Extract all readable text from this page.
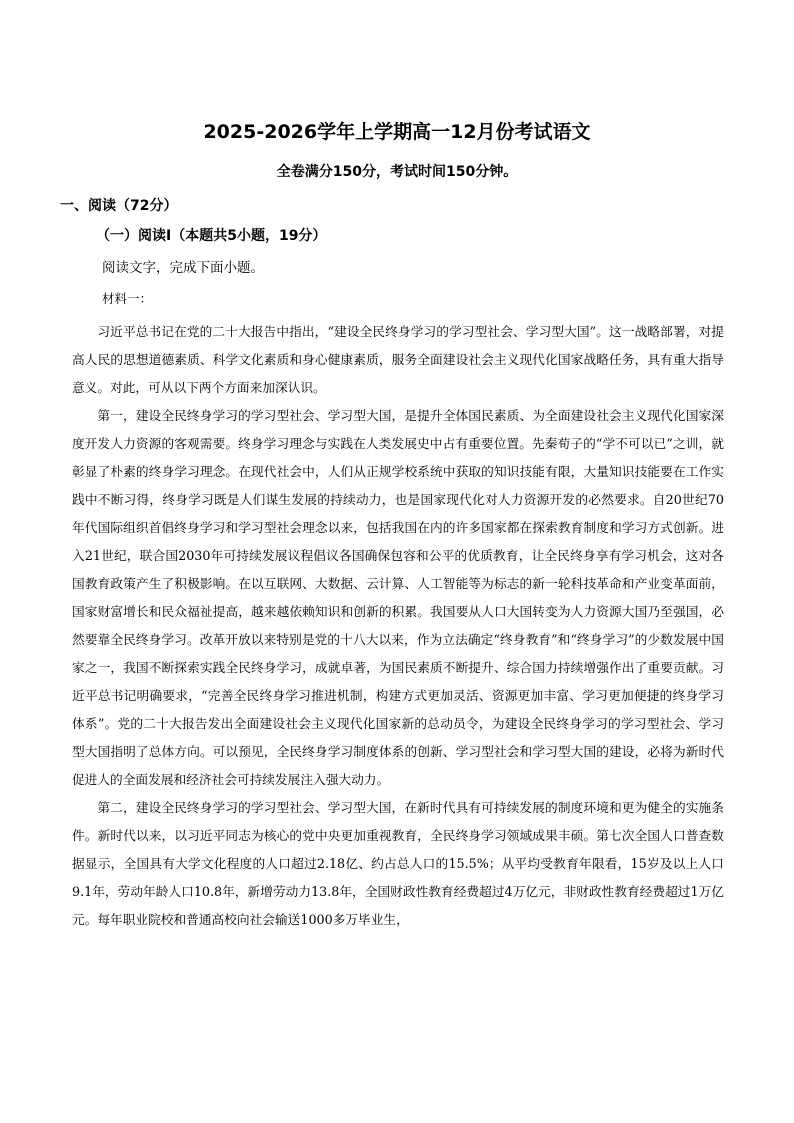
2025-2026学年上学期高一12月份考试语文
全卷满分150分，考试时间150分钟。
一、阅读（72分）
（一）阅读Ⅰ（本题共5小题，19分）
阅读文字，完成下面小题。
材料一：

习近平总书记在党的二十大报告中指出，“建设全民终身学习的学习型社会、学习型大国”。这一战略部署，对提高人民的思想道德素质、科学文化素质和身心健康素质，服务全面建设社会主义现代化国家战略任务，具有重大指导意义。对此，可从以下两个方面来加深认识。

第一，建设全民终身学习的学习型社会、学习型大国，是提升全体国民素质、为全面建设社会主义现代化国家深度开发人力资源的客观需要。终身学习理念与实践在人类发展史中占有重要位置。先秦荀子的“学不可以已”之训，就彰显了朴素的终身学习理念。在现代社会中，人们从正规学校系统中获取的知识技能有限，大量知识技能要在工作实践中不断习得，终身学习既是人们谋生发展的持续动力，也是国家现代化对人力资源开发的必然要求。自20世纪70年代国际组织首倡终身学习和学习型社会理念以来，包括我国在内的许多国家都在探索教育制度和学习方式创新。进入21世纪，联合国2030年可持续发展议程倡议各国确保包容和公平的优质教育，让全民终身享有学习机会，这对各国教育政策产生了积极影响。在以互联网、大数据、云计算、人工智能等为标志的新一轮科技革命和产业变革面前，国家财富增长和民众福祉提高，越来越依赖知识和创新的积累。我国要从人口大国转变为人力资源大国乃至强国，必然要靠全民终身学习。改革开放以来特别是党的十八大以来，作为立法确定“终身教育”和“终身学习”的少数发展中国家之一，我国不断探索实践全民终身学习，成就卓著，为国民素质不断提升、综合国力持续增强作出了重要贡献。习近平总书记明确要求，“完善全民终身学习推进机制，构建方式更加灵活、资源更加丰富、学习更加便捷的终身学习体系”。党的二十大报告发出全面建设社会主义现代化国家新的总动员令，为建设全民终身学习的学习型社会、学习型大国指明了总体方向。可以预见，全民终身学习制度体系的创新、学习型社会和学习型大国的建设，必将为新时代促进人的全面发展和经济社会可持续发展注入强大动力。

第二，建设全民终身学习的学习型社会、学习型大国，在新时代具有可持续发展的制度环境和更为健全的实施条件。新时代以来，以习近平同志为核心的党中央更加重视教育，全民终身学习领域成果丰硕。第七次全国人口普查数据显示，全国具有大学文化程度的人口超过2.18亿、约占总人口的15.5%；从平均受教育年限看，15岁及以上人口9.1年，劳动年龄人口10.8年，新增劳动力13.8年，全国财政性教育经费超过4万亿元，非财政性教育经费超过1万亿元。每年职业院校和普通高校向社会输送1000多万毕业生，
